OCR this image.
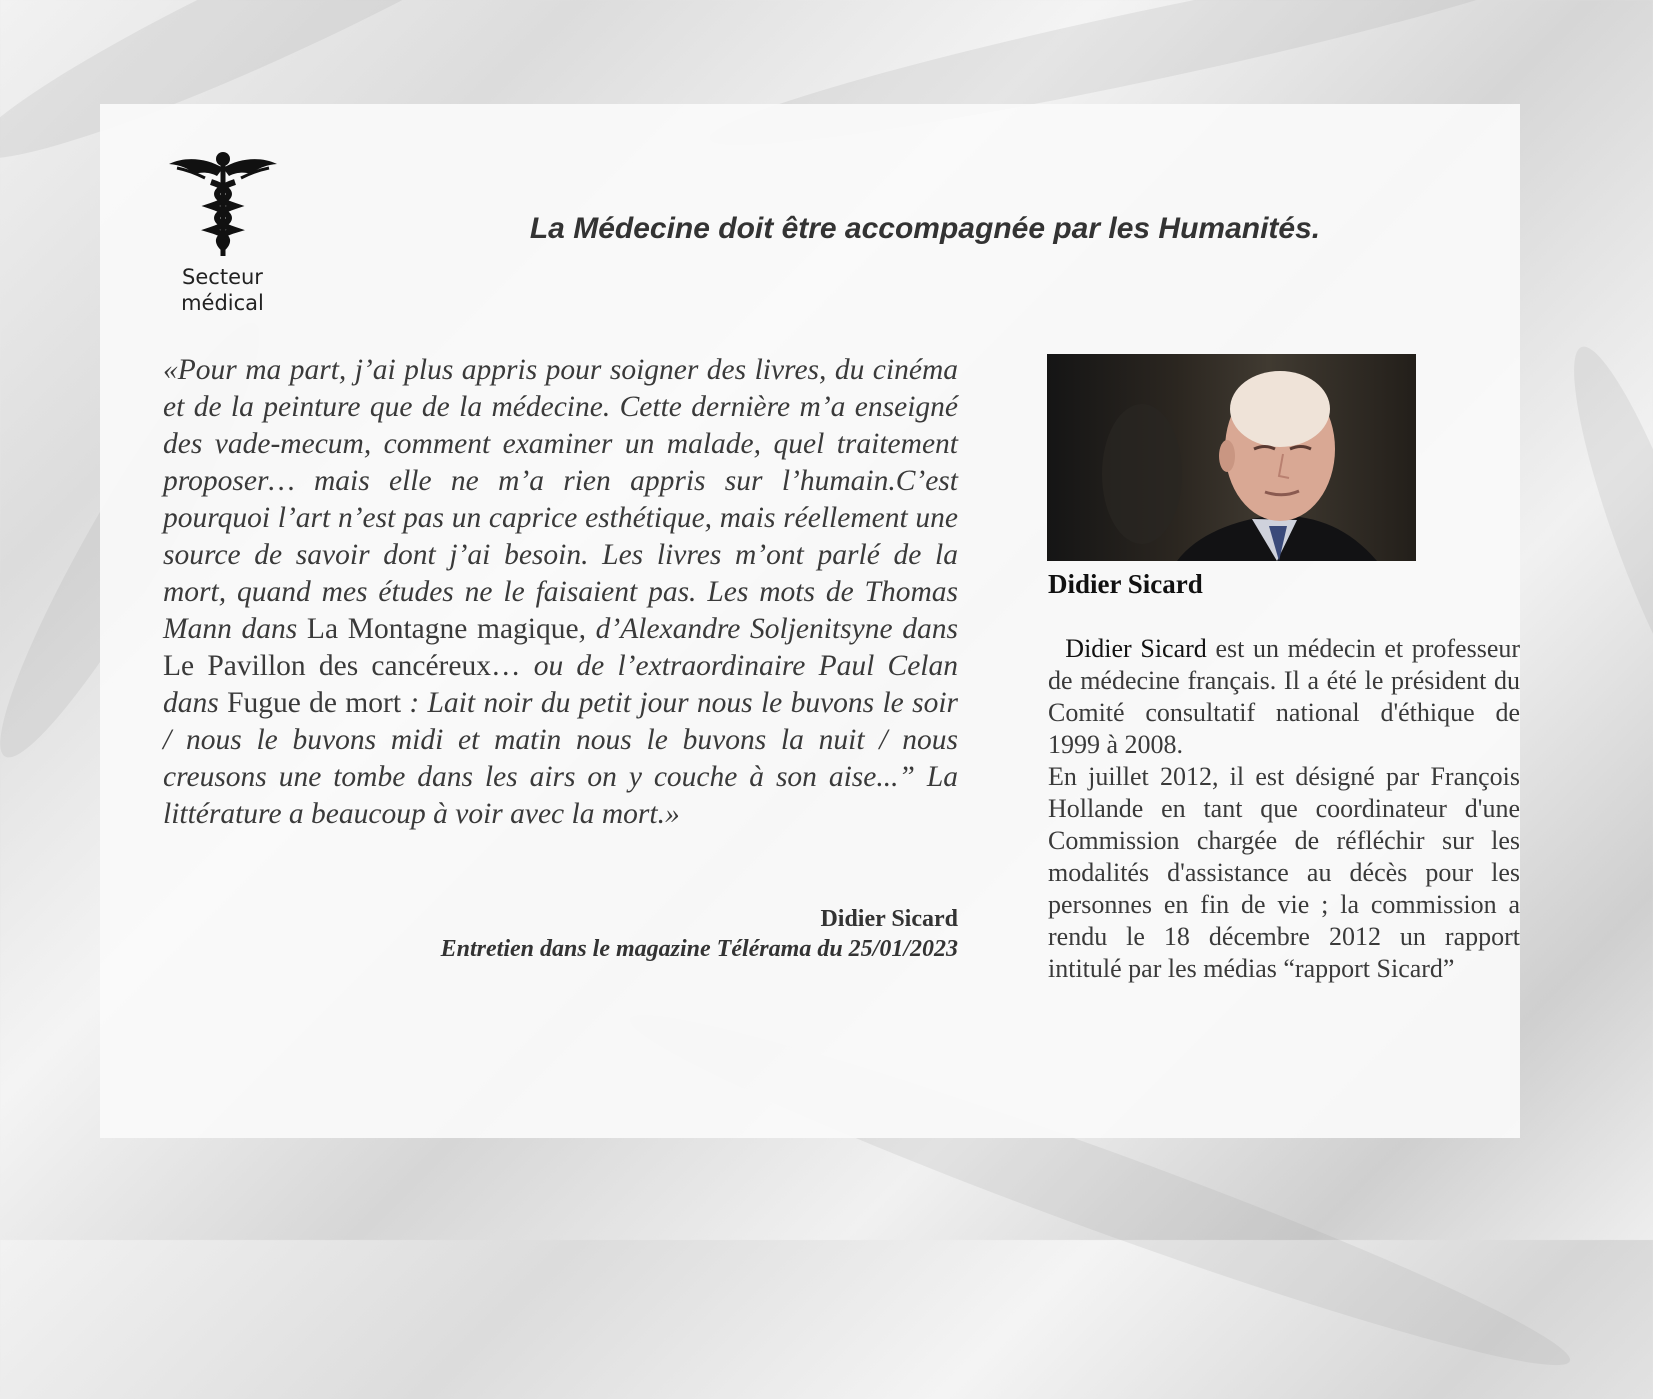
Secteur
médical
La Médecine doit être accompagnée par les Humanités.
«Pour ma part, j’ai plus appris pour soigner des livres, du cinéma et de la peinture que de la médecine. Cette dernière m’a enseigné des vade-mecum, comment examiner un malade, quel traitement proposer… mais elle ne m’a rien appris sur l’humain.C’est pourquoi l’art n’est pas un caprice esthétique, mais réellement une source de savoir dont j’ai besoin. Les livres m’ont parlé de la mort, quand mes études ne le faisaient pas. Les mots de Thomas Mann dans La Montagne magique, d’Alexandre Soljenitsyne dans Le Pavillon des cancéreux… ou de l’extraordinaire Paul Celan dans Fugue de mort : Lait noir du petit jour nous le buvons le soir / nous le buvons midi et matin nous le buvons la nuit / nous creusons une tombe dans les airs on y couche à son aise...” La littérature a beaucoup à voir avec la mort.»
Didier Sicard
Entretien dans le magazine Télérama du 25/01/2023
Didier Sicard

Didier Sicard est un médecin et professeur de médecine français. Il a été le président du Comité consultatif national d'éthique de 1999 à 2008.

En juillet 2012, il est désigné par François Hollande en tant que coordinateur d'une Commission chargée de réfléchir sur les modalités d'assistance au décès pour les personnes en fin de vie ; la commission a rendu le 18 décembre 2012 un rapport intitulé par les médias “rapport Sicard”
